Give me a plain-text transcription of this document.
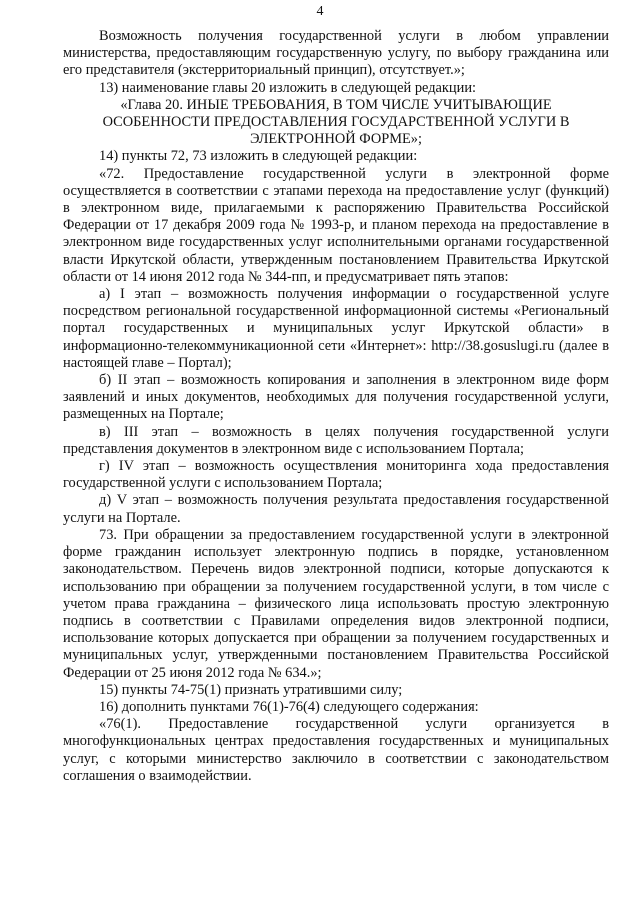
4

Возможность получения государственной услуги в любом управлении министерства, предоставляющим государственную услугу, по выбору гражданина или его представителя (экстерриториальный принцип), отсутствует.»;

13) наименование главы 20 изложить в следующей редакции:

«Глава 20. ИНЫЕ ТРЕБОВАНИЯ, В ТОМ ЧИСЛЕ УЧИТЫВАЮЩИЕ ОСОБЕННОСТИ ПРЕДОСТАВЛЕНИЯ ГОСУДАРСТВЕННОЙ УСЛУГИ В ЭЛЕКТРОННОЙ ФОРМЕ»;

14) пункты 72, 73 изложить в следующей редакции:

«72. Предоставление государственной услуги в электронной форме осуществляется в соответствии с этапами перехода на предоставление услуг (функций) в электронном виде, прилагаемыми к распоряжению Правительства Российской Федерации от 17 декабря 2009 года № 1993-р, и планом перехода на предоставление в электронном виде государственных услуг исполнительными органами государственной власти Иркутской области, утвержденным постановлением Правительства Иркутской области от 14 июня 2012 года № 344-пп, и предусматривает пять этапов:

а) I этап – возможность получения информации о государственной услуге посредством региональной государственной информационной системы «Региональный портал государственных и муниципальных услуг Иркутской области» в информационно-телекоммуникационной сети «Интернет»: http://38.gosuslugi.ru (далее в настоящей главе – Портал);

б) II этап – возможность копирования и заполнения в электронном виде форм заявлений и иных документов, необходимых для получения государственной услуги, размещенных на Портале;

в) III этап – возможность в целях получения государственной услуги представления документов в электронном виде с использованием Портала;

г) IV этап – возможность осуществления мониторинга хода предоставления государственной услуги с использованием Портала;

д) V этап – возможность получения результата предоставления государственной услуги на Портале.

73. При обращении за предоставлением государственной услуги в электронной форме гражданин использует электронную подпись в порядке, установленном законодательством. Перечень видов электронной подписи, которые допускаются к использованию при обращении за получением государственной услуги, в том числе с учетом права гражданина – физического лица использовать простую электронную подпись в соответствии с Правилами определения видов электронной подписи, использование которых допускается при обращении за получением государственных и муниципальных услуг, утвержденными постановлением Правительства Российской Федерации от 25 июня 2012 года № 634.»;

15) пункты 74-75(1) признать утратившими силу;

16) дополнить пунктами 76(1)-76(4) следующего содержания:

«76(1). Предоставление государственной услуги организуется в многофункциональных центрах предоставления государственных и муниципальных услуг, с которыми министерство заключило в соответствии с законодательством соглашения о взаимодействии.
